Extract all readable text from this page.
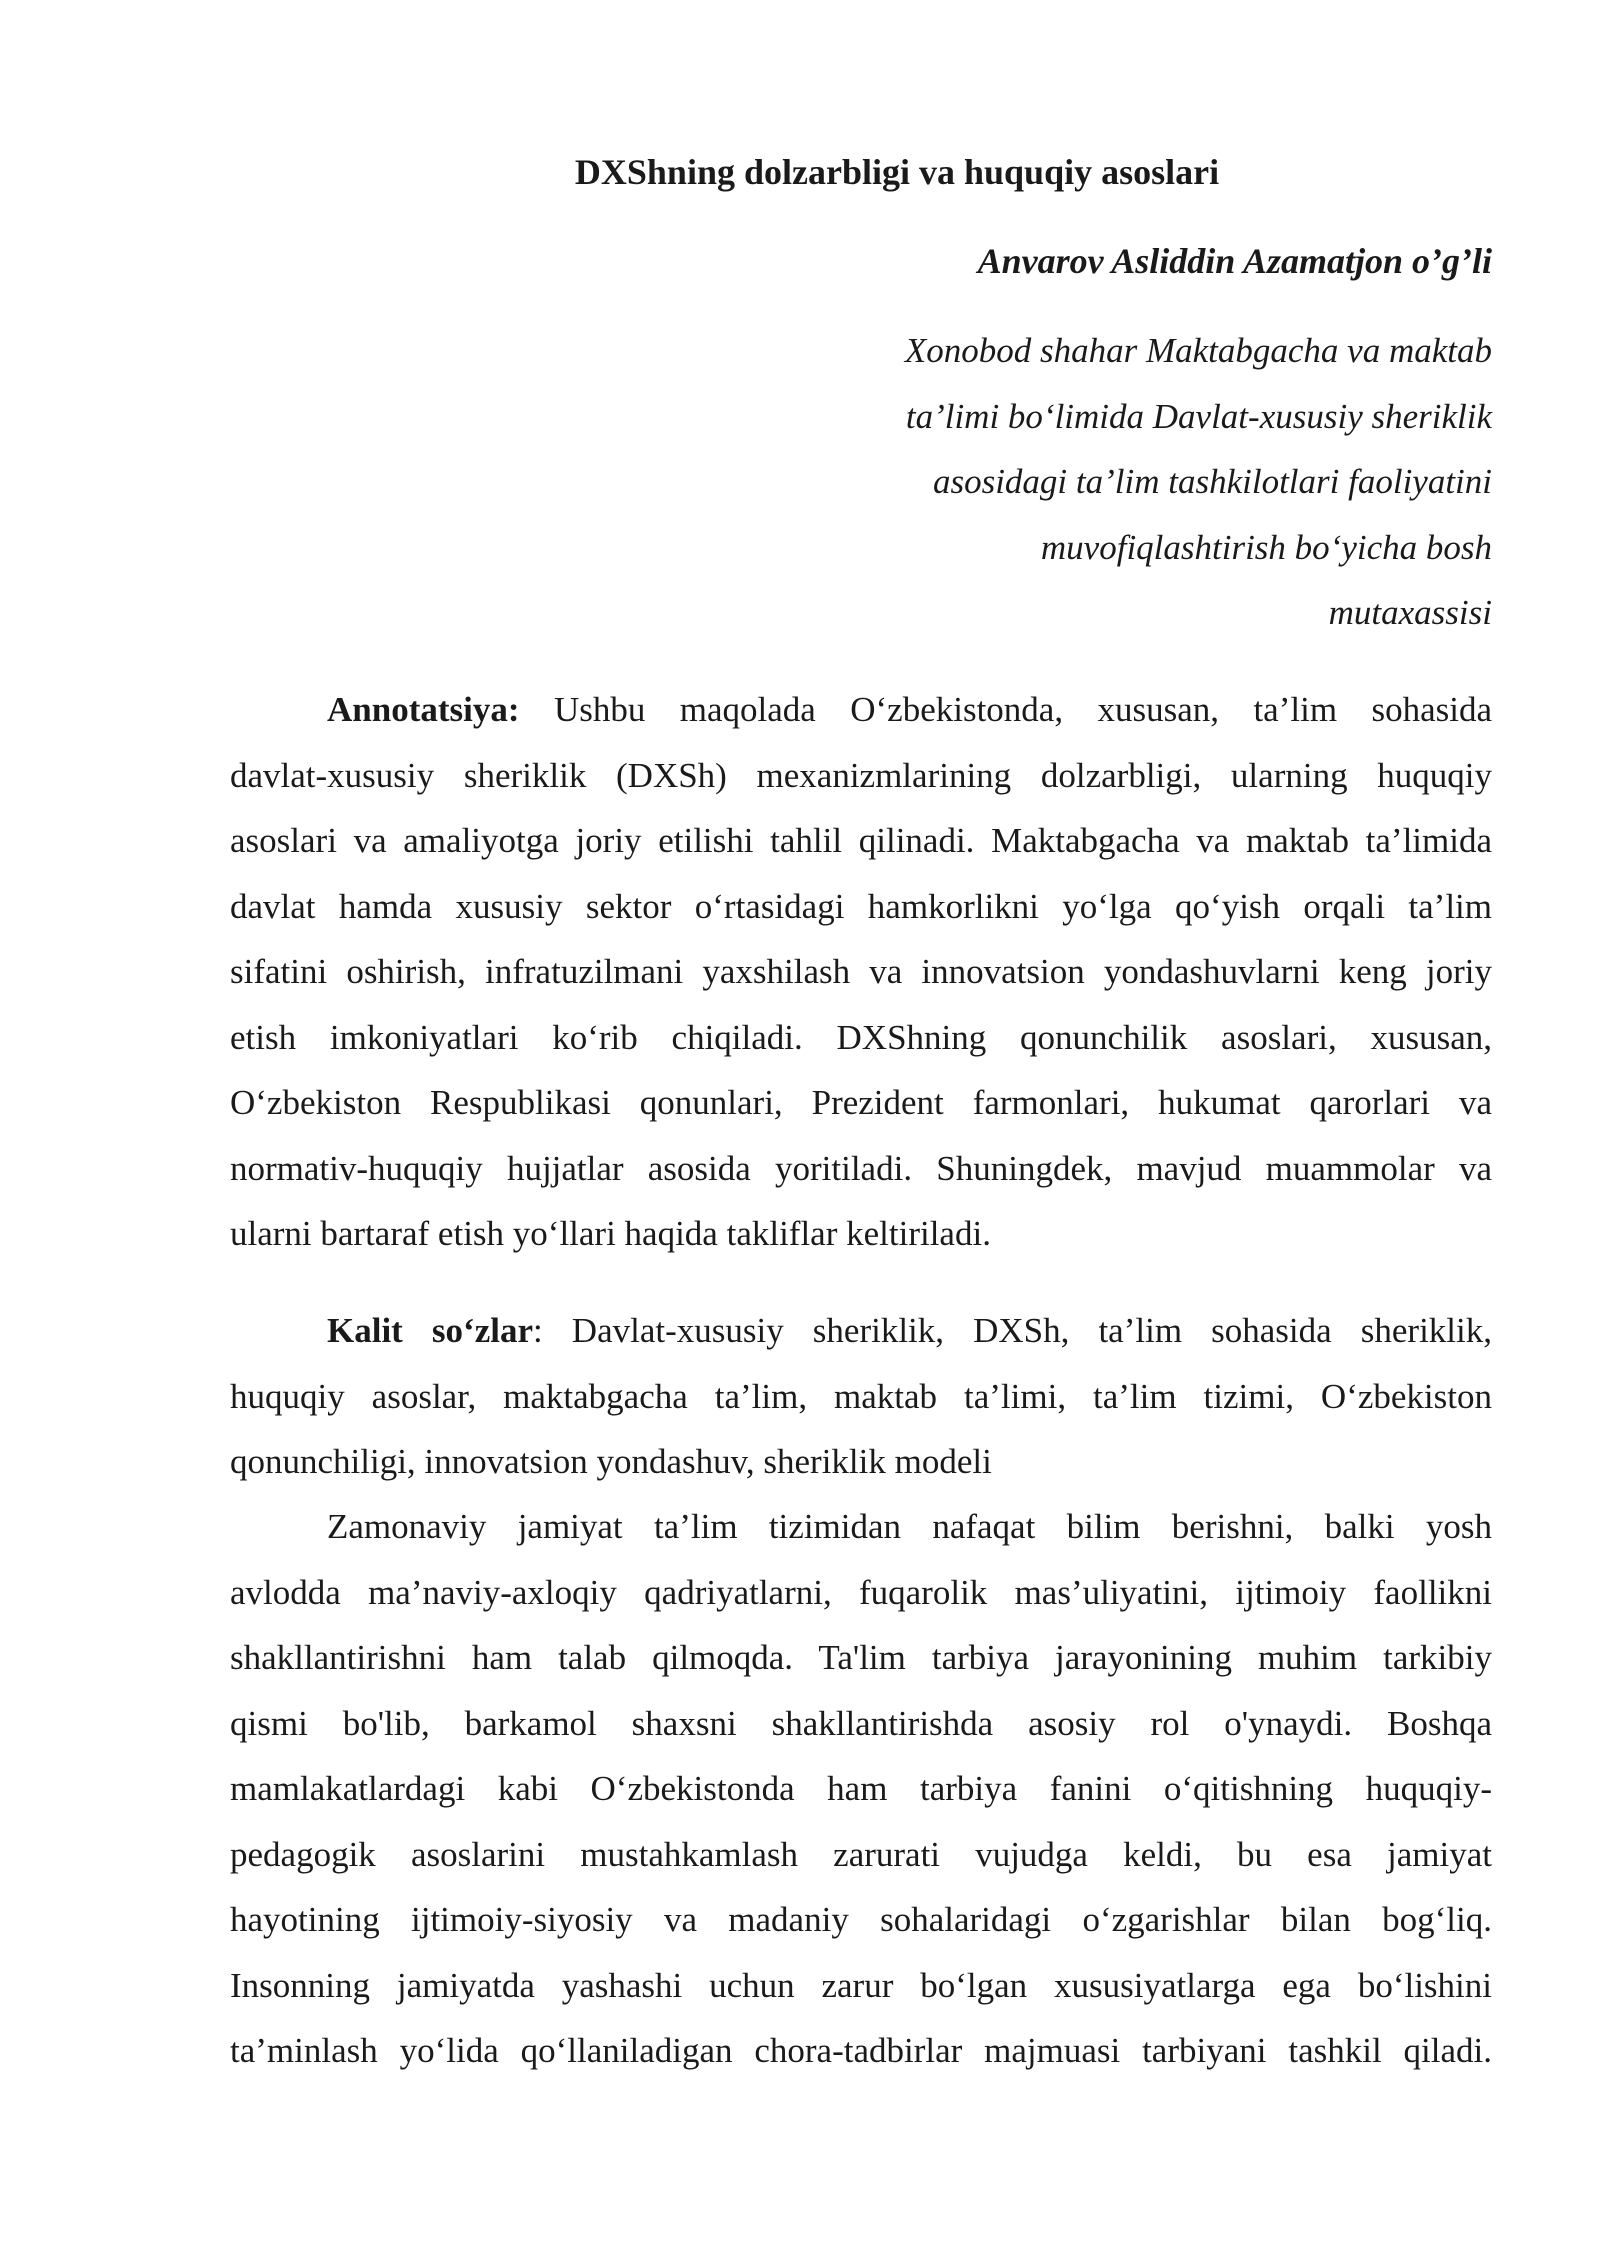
DXShning dolzarbligi va huquqiy asoslari
Anvarov Asliddin Azamatjon o’g’li
Xonobod shahar Maktabgacha va maktab
ta’limi bo‘limida Davlat-xususiy sheriklik
asosidagi ta’lim tashkilotlari faoliyatini
muvofiqlashtirish bo‘yicha bosh
mutaxassisi
Annotatsiya: Ushbu maqolada O‘zbekistonda, xususan, ta’lim sohasida
davlat-xususiy sheriklik (DXSh) mexanizmlarining dolzarbligi, ularning huquqiy
asoslari va amaliyotga joriy etilishi tahlil qilinadi. Maktabgacha va maktab ta’limida
davlat hamda xususiy sektor o‘rtasidagi hamkorlikni yo‘lga qo‘yish orqali ta’lim
sifatini oshirish, infratuzilmani yaxshilash va innovatsion yondashuvlarni keng joriy
etish imkoniyatlari ko‘rib chiqiladi. DXShning qonunchilik asoslari, xususan,
O‘zbekiston Respublikasi qonunlari, Prezident farmonlari, hukumat qarorlari va
normativ-huquqiy hujjatlar asosida yoritiladi. Shuningdek, mavjud muammolar va
ularni bartaraf etish yo‘llari haqida takliflar keltiriladi.
Kalit so‘zlar: Davlat-xususiy sheriklik, DXSh, ta’lim sohasida sheriklik,
huquqiy asoslar, maktabgacha ta’lim, maktab ta’limi, ta’lim tizimi, O‘zbekiston
qonunchiligi, innovatsion yondashuv, sheriklik modeli
Zamonaviy jamiyat ta’lim tizimidan nafaqat bilim berishni, balki yosh
avlodda ma’naviy-axloqiy qadriyatlarni, fuqarolik mas’uliyatini, ijtimoiy faollikni
shakllantirishni ham talab qilmoqda. Ta'lim tarbiya jarayonining muhim tarkibiy
qismi bo'lib, barkamol shaxsni shakllantirishda asosiy rol o'ynaydi. Boshqa
mamlakatlardagi kabi O‘zbekistonda ham tarbiya fanini o‘qitishning huquqiy-
pedagogik asoslarini mustahkamlash zarurati vujudga keldi, bu esa jamiyat
hayotining ijtimoiy-siyosiy va madaniy sohalaridagi o‘zgarishlar bilan bog‘liq.
Insonning jamiyatda yashashi uchun zarur bo‘lgan xususiyatlarga ega bo‘lishini
ta’minlash yo‘lida qo‘llaniladigan chora-tadbirlar majmuasi tarbiyani tashkil qiladi.
